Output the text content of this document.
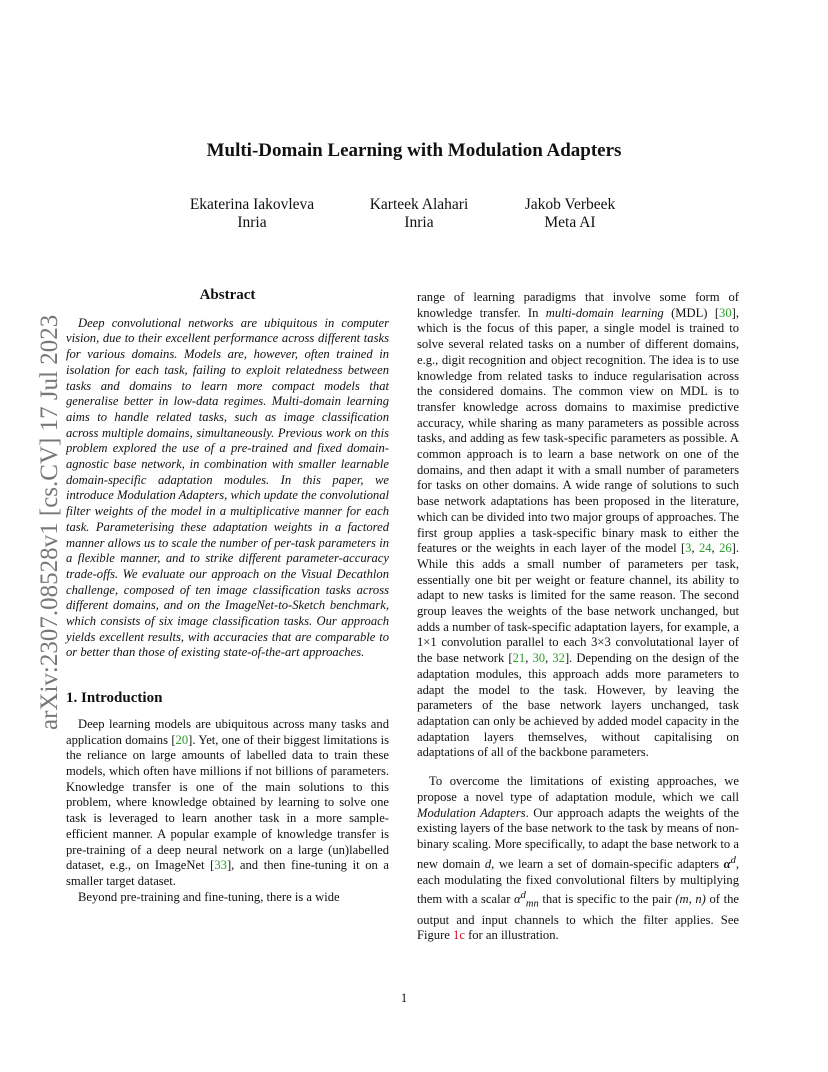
Multi-Domain Learning with Modulation Adapters
Ekaterina Iakovleva
Inria
Karteek Alahari
Inria
Jakob Verbeek
Meta AI
arXiv:2307.08528v1 [cs.CV] 17 Jul 2023
Abstract

Deep convolutional networks are ubiquitous in computer vision, due to their excellent performance across different tasks for various domains. Models are, however, often trained in isolation for each task, failing to exploit relatedness between tasks and domains to learn more compact models that generalise better in low-data regimes. Multi-domain learning aims to handle related tasks, such as image classification across multiple domains, simultaneously. Previous work on this problem explored the use of a pre-trained and fixed domain-agnostic base network, in combination with smaller learnable domain-specific adaptation modules. In this paper, we introduce Modulation Adapters, which update the convolutional filter weights of the model in a multiplicative manner for each task. Parameterising these adaptation weights in a factored manner allows us to scale the number of per-task parameters in a flexible manner, and to strike different parameter-accuracy trade-offs. We evaluate our approach on the Visual Decathlon challenge, composed of ten image classification tasks across different domains, and on the ImageNet-to-Sketch benchmark, which consists of six image classification tasks. Our approach yields excellent results, with accuracies that are comparable to or better than those of existing state-of-the-art approaches.

1. Introduction

Deep learning models are ubiquitous across many tasks and application domains [20]. Yet, one of their biggest limitations is the reliance on large amounts of labelled data to train these models, which often have millions if not billions of parameters. Knowledge transfer is one of the main solutions to this problem, where knowledge obtained by learning to solve one task is leveraged to learn another task in a more sample-efficient manner. A popular example of knowledge transfer is pre-training of a deep neural network on a large (un)labelled dataset, e.g., on ImageNet [33], and then fine-tuning it on a smaller target dataset.

Beyond pre-training and fine-tuning, there is a wide

range of learning paradigms that involve some form of knowledge transfer. In multi-domain learning (MDL) [30], which is the focus of this paper, a single model is trained to solve several related tasks on a number of different domains, e.g., digit recognition and object recognition. The idea is to use knowledge from related tasks to induce regularisation across the considered domains. The common view on MDL is to transfer knowledge across domains to maximise predictive accuracy, while sharing as many parameters as possible across tasks, and adding as few task-specific parameters as possible. A common approach is to learn a base network on one of the domains, and then adapt it with a small number of parameters for tasks on other domains. A wide range of solutions to such base network adaptations has been proposed in the literature, which can be divided into two major groups of approaches. The first group applies a task-specific binary mask to either the features or the weights in each layer of the model [3, 24, 26]. While this adds a small number of parameters per task, essentially one bit per weight or feature channel, its ability to adapt to new tasks is limited for the same reason. The second group leaves the weights of the base network unchanged, but adds a number of task-specific adaptation layers, for example, a 1×1 convolution parallel to each 3×3 convolutational layer of the base network [21, 30, 32]. Depending on the design of the adaptation modules, this approach adds more parameters to adapt the model to the task. However, by leaving the parameters of the base network layers unchanged, task adaptation can only be achieved by added model capacity in the adaptation layers themselves, without capitalising on adaptations of all of the backbone parameters.

To overcome the limitations of existing approaches, we propose a novel type of adaptation module, which we call Modulation Adapters. Our approach adapts the weights of the existing layers of the base network to the task by means of non-binary scaling. More specifically, to adapt the base network to a new domain d, we learn a set of domain-specific adapters $\alpha^d$, each modulating the fixed convolutional filters by multiplying them with a scalar $\alpha^d_{mn}$ that is specific to the pair (m, n) of the output and input channels to which the filter applies. See Figure 1c for an illustration.

1
